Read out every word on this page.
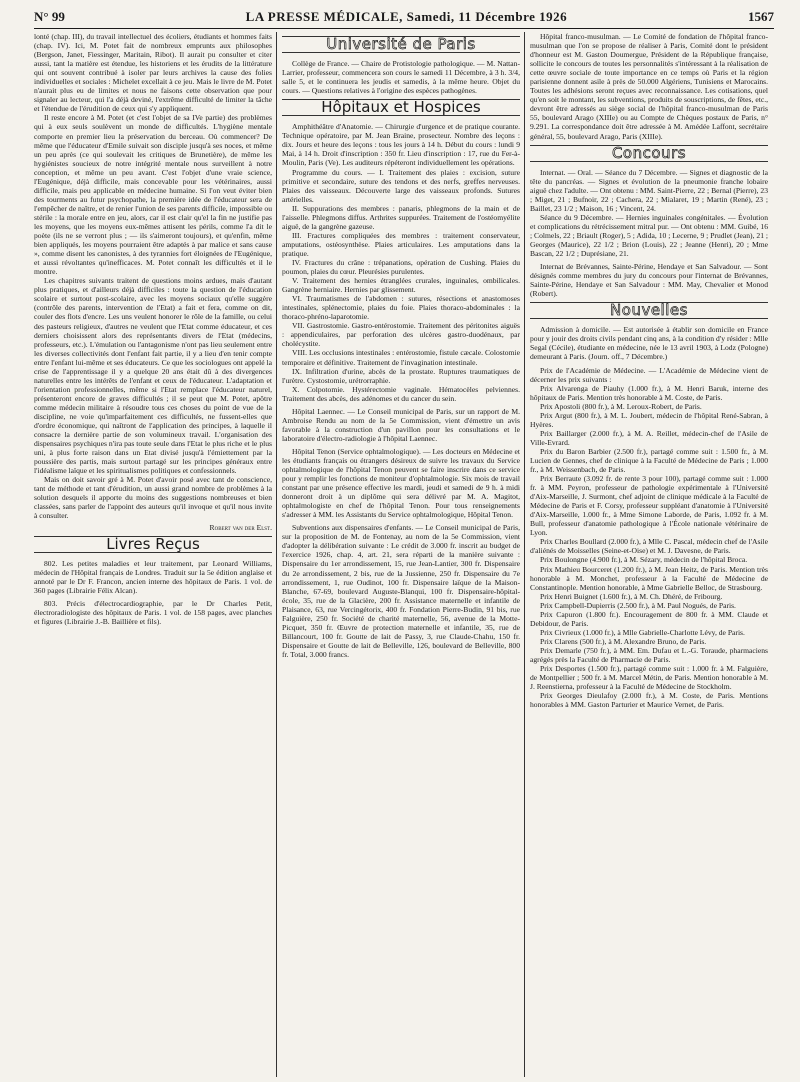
N° 99	LA PRESSE MÉDICALE, Samedi, 11 Décembre 1926	1567

lonté (chap. III), du travail intellectuel des écoliers, étudiants et hommes faits (chap. IV). Ici, M. Potet fait de nombreux emprunts aux philosophes (Bergson, Janet, Fiessinger, Maritain, Ribot). Il aurait pu consulter et citer aussi, tant la matière est étendue, les historiens et les érudits de la littérature qui ont souvent contribué à isoler par leurs archives la cause des folies individuelles et sociales : Michelet excellait à ce jeu. Mais le livre de M. Potet n'aurait plus eu de limites et nous ne faisons cette observation que pour signaler au lecteur, qui l'a déjà deviné, l'extrême difficulté de limiter la tâche et l'étendue de l'érudition de ceux qui s'y appliquent.

Il reste encore à M. Potet (et c'est l'objet de sa IVe partie) des problèmes qui à eux seuls soulèvent un monde de difficultés. L'hygiène mentale comporte en premier lieu la préservation du berceau. Où commencer? De même que l'éducateur d'Emile suivait son disciple jusqu'à ses noces, et même un peu après (ce qui soulevait les critiques de Brunetière), de même les hygiénistes soucieux de notre intégrité mentale nous surveillent à notre conception, et même un peu avant. C'est l'objet d'une vraie science, l'Eugénique, déjà difficile, mais concevable pour les vétérinaires, aussi difficile, mais peu applicable en médecine humaine. Si l'on veut éviter bien des tourments au futur psychopathe, la première idée de l'éducateur sera de l'empêcher de naître, et de renier l'union de ses parents difficile, impossible ou stérile : la morale entre en jeu, alors, car il est clair qu'el la fin ne justifie pas les moyens, que les moyens eux-mêmes attisent les périls, comme l'a dit le poète (ils ne se verront plus ; — ils s'aimeront toujours), et qu'enfin, même bien appliqués, les moyens pourraient être adaptés à par malice et sans cause », comme disent les canonistes, à des tyrannies fort éloignées de l'Eugénique, et aussi révoltantes qu'inefficaces. M. Potet connaît les difficultés et il le montre.

Les chapitres suivants traitent de questions moins ardues, mais d'autant plus pratiques, et d'ailleurs déjà difficiles : toute la question de l'éducation scolaire et surtout post-scolaire, avec les moyens sociaux qu'elle suggère (contrôle des parents, intervention de l'Etat) a fait et fera, comme on dit, couler des flots d'encre. Les uns veulent honorer le rôle de la famille, ou celui des pasteurs religieux, d'autres ne veulent que l'Etat comme éducateur, et ces derniers choisissent alors des représentants divers de l'Etat (médecins, professeurs, etc.). L'émulation ou l'antagonisme n'ont pas lieu seulement entre les diverses collectivités dont l'enfant fait partie, il y a lieu d'en tenir compte entre l'enfant lui-même et ses éducateurs. Ce que les sociologues ont appelé la crise de l'apprentissage il y a quelque 20 ans était dû à des divergences naturelles entre les intérêts de l'enfant et ceux de l'éducateur. L'adaptation et l'orientation professionnelles, même si l'Etat remplace l'éducateur naturel, présenteront encore de graves difficultés ; il se peut que M. Potet, apôtre comme médecin militaire à résoudre tous ces choses du point de vue de la discipline, ne voie qu'imparfaitement ces difficultés, ne fussent-elles que d'ordre économique, qui naîtront de l'application des principes, à laquelle il consacre la dernière partie de son volumineux travail. L'organisation des dispensaires psychiques n'ira pas toute seule dans l'Etat le plus riche et le plus uni, à plus forte raison dans un Etat divisé jusqu'à l'émiettement par la poussière des partis, mais surtout partagé sur les principes généraux entre l'idéalisme laïque et les spiritualismes politiques et confessionnels.

Mais on doit savoir gré à M. Potet d'avoir posé avec tant de conscience, tant de méthode et tant d'érudition, un aussi grand nombre de problèmes à la solution desquels il apporte du moins des suggestions nombreuses et bien classées, sans parler de l'appoint des auteurs qu'il invoque et qu'il nous invite à consulter.

Robert van der Elst.
Livres Reçus

802. Les petites maladies et leur traitement, par Leonard Williams, médecin de l'Hôpital français de Londres. Traduit sur la 5e édition anglaise et annoté par le Dr F. Francon, ancien interne des hôpitaux de Paris. 1 vol. de 360 pages (Librairie Félix Alcan).

803. Précis d'électrocardiographie, par le Dr Charles Petit, électroradiologiste des hôpitaux de Paris. 1 vol. de 158 pages, avec planches et figures (Librairie J.-B. Baillière et fils).

Université de Paris

Collège de France. — Chaire de Protistologie pathologique. — M. Nattan-Larrier, professeur, commencera son cours le samedi 11 Décembre, à 3 h. 3/4, salle 5, et le continuera les jeudis et samedis, à la même heure. Objet du cours. — Questions relatives à l'origine des espèces pathogènes.

Hôpitaux et Hospices

Amphithéâtre d'Anatomie. — Chirurgie d'urgence et de pratique courante. Technique opératoire, par M. Jean Braine, prosecteur. Nombre des leçons : dix. Jours et heure des leçons : tous les jours à 14 h. Début du cours : lundi 9 Mai, à 14 h. Droit d'inscription : 350 fr. Lieu d'inscription : 17, rue du Fer-à-Moulin, Paris (Ve). Les auditeurs répéteront individuellement les opérations.

Programme du cours. — I. Traitement des plaies : excision, suture primitive et secondaire, suture des tendons et des nerfs, greffes nerveuses. Plaies des vaisseaux. Découverte large des vaisseaux profonds. Sutures artérielles.

II. Suppurations des membres : panaris, phlegmons de la main et de l'aisselle. Phlegmons diffus. Arthrites suppurées. Traitement de l'ostéomyélite aiguë, de la gangrène gazeuse.

III. Fractures compliquées des membres : traitement conservateur, amputations, ostéosynthèse. Plaies articulaires. Les amputations dans la pratique.

IV. Fractures du crâne : trépanations, opération de Cushing. Plaies du poumon, plaies du cœur. Pleurésies purulentes.

V. Traitement des hernies étranglées crurales, inguinales, ombilicales. Gangrène herniaire. Hernies par glissement.

VI. Traumatismes de l'abdomen : sutures, résections et anastomoses intestinales, splénectomie, plaies du foie. Plaies thoraco-abdominales : la thoraco-phréno-laparotomie.

VII. Gastrostomie. Gastro-entérostomie. Traitement des péritonites aiguës : appendiculaires, par perforation des ulcères gastro-duodénaux, par cholécystite.

VIII. Les occlusions intestinales : entérostomie, fistule cæcale. Colostomie temporaire et définitive. Traitement de l'invagination intestinale.

IX. Infiltration d'urine, abcès de la prostate. Ruptures traumatiques de l'urètre. Cystostomie, urétrorraphie.

X. Colpotomie. Hystérectomie vaginale. Hématocèles pelviennes. Traitement des abcès, des adénomes et du cancer du sein.

Hôpital Laennec. — Le Conseil municipal de Paris, sur un rapport de M. Ambroise Rendu au nom de la 5e Commission, vient d'émettre un avis favorable à la construction d'un pavillon pour les consultations et le laboratoire d'électro-radiologie à l'hôpital Laennec.

Hôpital Tenon (Service ophtalmologique). — Les docteurs en Médecine et les étudiants français ou étrangers désireux de suivre les travaux du Service ophtalmologique de l'hôpital Tenon peuvent se faire inscrire dans ce service pour y remplir les fonctions de moniteur d'ophtalmologie. Six mois de travail constant par une présence effective les mardi, jeudi et samedi de 9 h. à midi donneront droit à un diplôme qui sera délivré par M. A. Magitot, ophtalmologiste en chef de l'hôpital Tenon. Pour tous renseignements s'adresser à MM. les Assistants du Service ophtalmologique, Hôpital Tenon.

Subventions aux dispensaires d'enfants. — Le Conseil municipal de Paris, sur la proposition de M. de Fontenay, au nom de la 5e Commission, vient d'adopter la délibération suivante : Le crédit de 3.000 fr. inscrit au budget de l'exercice 1926, chap. 4, art. 21, sera réparti de la manière suivante : Dispensaire du 1er arrondissement, 15, rue Jean-Lantier, 300 fr. Dispensaire du 2e arrondissement, 2 bis, rue de la Jussienne, 250 fr. Dispensaire du 7e arrondissement, 1, rue Oudinot, 100 fr. Dispensaire laïque de la Maison-Blanche, 67-69, boulevard Auguste-Blanqui, 100 fr. Dispensaire-hôpital-école, 35, rue de la Glacière, 200 fr. Assistance maternelle et infantile de Plaisance, 63, rue Vercingétorix, 400 fr. Fondation Pierre-Budin, 91 bis, rue Falguière, 250 fr. Société de charité maternelle, 56, avenue de la Motte-Picquet, 350 fr. Œuvre de protection maternelle et infantile, 35, rue de Billancourt, 100 fr. Goutte de lait de Passy, 3, rue Claude-Chahu, 150 fr. Dispensaire et Goutte de lait de Belleville, 126, boulevard de Belleville, 800 fr. Total, 3.000 francs.

Hôpital franco-musulman. — Le Comité de fondation de l'hôpital franco-musulman que l'on se propose de réaliser à Paris, Comité dont le président d'honneur est M. Gaston Doumergue, Président de la République française, sollicite le concours de toutes les personnalités s'intéressant à la réalisation de cette œuvre sociale de toute importance en ce temps où Paris et la région parisienne donnent asile à près de 50.000 Algériens, Tunisiens et Marocains. Toutes les adhésions seront reçues avec reconnaissance. Les cotisations, quel qu'en soit le montant, les subventions, produits de souscriptions, de fêtes, etc., devront être adressés au siège social de l'hôpital franco-musulman de Paris 55, boulevard Arago (XIIIe) ou au Compte de Chèques postaux de Paris, n° 9.291. La correspondance doit être adressée à M. Amédée Laffont, secrétaire général, 55, boulevard Arago, Paris (XIIIe).

Concours

Internat. — Oral. — Séance du 7 Décembre. — Signes et diagnostic de la tête du pancréas. — Signes et évolution de la pneumonie franche lobaire aiguë chez l'adulte. — Ont obtenu : MM. Saint-Pierre, 22 ; Bernal (Pierre), 23 ; Miget, 21 ; Bufnoir, 22 ; Cachera, 22 ; Mialaret, 19 ; Martin (René), 23 ; Baillet, 23 1/2 ; Maison, 16 ; Vincent, 24.

Séance du 9 Décembre. — Hernies inguinales congénitales. — Évolution et complications du rétrécissement mitral pur. — Ont obtenu : MM. Guibé, 16 ; Colmels, 22 ; Briault (Roger), 5 ; Adida, 10 ; Lecerne, 9 ; Prudlet (Jean), 21 ; Georges (Maurice), 22 1/2 ; Brion (Louis), 22 ; Jeanne (Henri), 20 ; Mme Bascan, 22 1/2 ; Duprésiane, 21.

Internat de Brévannes, Sainte-Périne, Hendaye et San Salvadour. — Sont désignés comme membres du jury du concours pour l'internat de Brévannes, Sainte-Périne, Hendaye et San Salvadour : MM. May, Chevalier et Monod (Robert).

Nouvelles

Admission à domicile. — Est autorisée à établir son domicile en France pour y jouir des droits civils pendant cinq ans, à la condition d'y résider : Mlle Segal (Cécile), étudiante en médecine, née le 13 avril 1903, à Lodz (Pologne) demeurant à Paris. (Journ. off., 7 Décembre.)

Prix de l'Académie de Médecine. — L'Académie de Médecine vient de décerner les prix suivants :

Prix Alvarenga de Piauhy (1.000 fr.), à M. Henri Baruk, interne des hôpitaux de Paris. Mention très honorable à M. Coste, de Paris.

Prix Apostoli (800 fr.), à M. Leroux-Robert, de Paris.

Prix Argut (800 fr.), à M. L. Joubert, médecin de l'hôpital René-Sabran, à Hyères.

Prix Baillarger (2.000 fr.), à M. A. Reillet, médecin-chef de l'Asile de Ville-Evrard.

Prix du Baron Barbier (2.500 fr.), partagé comme suit : 1.500 fr., à M. Lucien de Gennes, chef de clinique à la Faculté de Médecine de Paris ; 1.000 fr., à M. Weissenbach, de Paris.

Prix Berraute (3.092 fr. de rente 3 pour 100), partagé comme suit : 1.000 fr. à MM. Peyron, professeur de pathologie expérimentale à l'Université d'Aix-Marseille, J. Surmont, chef adjoint de clinique médicale à la Faculté de Médecine de Paris et F. Corsy, professeur suppléant d'anatomie à l'Université d'Aix-Marseille, 1.000 fr., à Mme Simone Laborde, de Paris, 1.092 fr. à M. Bull, professeur d'anatomie pathologique à l'École nationale vétérinaire de Lyon.

Prix Charles Boullard (2.000 fr.), à Mlle C. Pascal, médecin chef de l'Asile d'aliénés de Moisselles (Seine-et-Oise) et M. J. Davesne, de Paris.

Prix Boulongne (4.900 fr.), à M. Sézary, médecin de l'hôpital Broca.

Prix Mathieu Bourceret (1.200 fr.), à M. Jean Heitz, de Paris. Mention très honorable à M. Monchet, professeur à la Faculté de Médecine de Constantinople. Mention honorable, à Mme Gabrielle Belloc, de Strasbourg.

Prix Henri Buignet (1.600 fr.), à M. Ch. Dhéré, de Fribourg.

Prix Campbell-Dupierris (2.500 fr.), à M. Paul Nogués, de Paris.

Prix Capuron (1.800 fr.). Encouragement de 800 fr. à MM. Claude et Debidour, de Paris.

Prix Civrieux (1.000 fr.), à Mlle Gabrielle-Charlotte Lévy, de Paris.

Prix Clarens (500 fr.), à M. Alexandre Bruno, de Paris.

Prix Demarle (750 fr.), à MM. Em. Dufau et L.-G. Toraude, pharmaciens agrégés près la Faculté de Pharmacie de Paris.

Prix Desportes (1.500 fr.), partagé comme suit : 1.000 fr. à M. Falguière, de Montpellier ; 500 fr. à M. Marcel Métin, de Paris. Mention honorable à M. J. Reenstierna, professeur à la Faculté de Médecine de Stockholm.

Prix Georges Dieulafoy (2.000 fr.), à M. Coste, de Paris. Mentions honorables à MM. Gaston Parturier et Maurice Vernet, de Paris.
